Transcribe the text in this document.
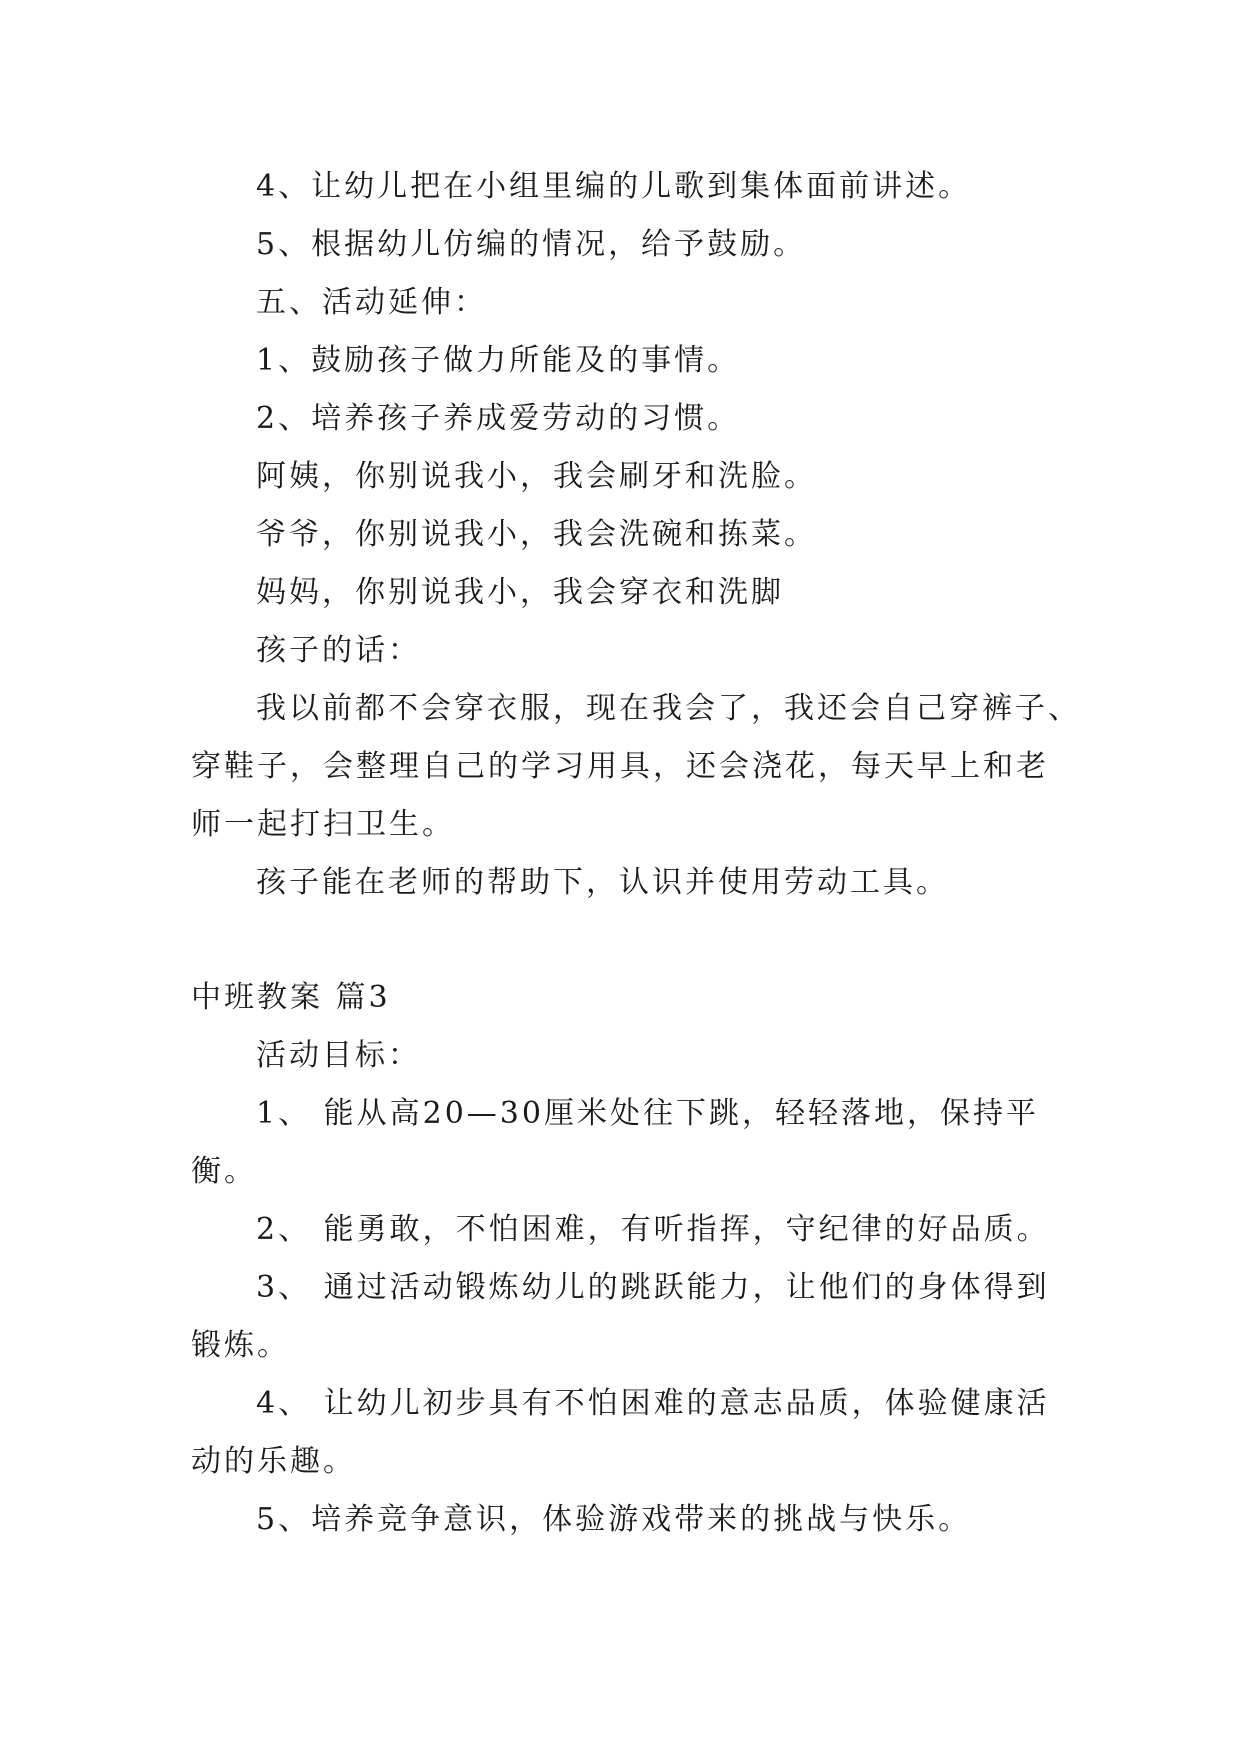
4、让幼儿把在小组里编的儿歌到集体面前讲述。
5、根据幼儿仿编的情况，给予鼓励。
五、活动延伸：
1、鼓励孩子做力所能及的事情。
2、培养孩子养成爱劳动的习惯。
阿姨，你别说我小，我会刷牙和洗脸。
爷爷，你别说我小，我会洗碗和拣菜。
妈妈，你别说我小，我会穿衣和洗脚
孩子的话：
我以前都不会穿衣服，现在我会了，我还会自己穿裤子、
穿鞋子，会整理自己的学习用具，还会浇花，每天早上和老
师一起打扫卫生。
孩子能在老师的帮助下，认识并使用劳动工具。
中班教案 篇3
活动目标：
1、 能从高20—30厘米处往下跳，轻轻落地，保持平
衡。
2、 能勇敢，不怕困难，有听指挥，守纪律的好品质。
3、 通过活动锻炼幼儿的跳跃能力，让他们的身体得到
锻炼。
4、 让幼儿初步具有不怕困难的意志品质，体验健康活
动的乐趣。
5、培养竞争意识，体验游戏带来的挑战与快乐。
